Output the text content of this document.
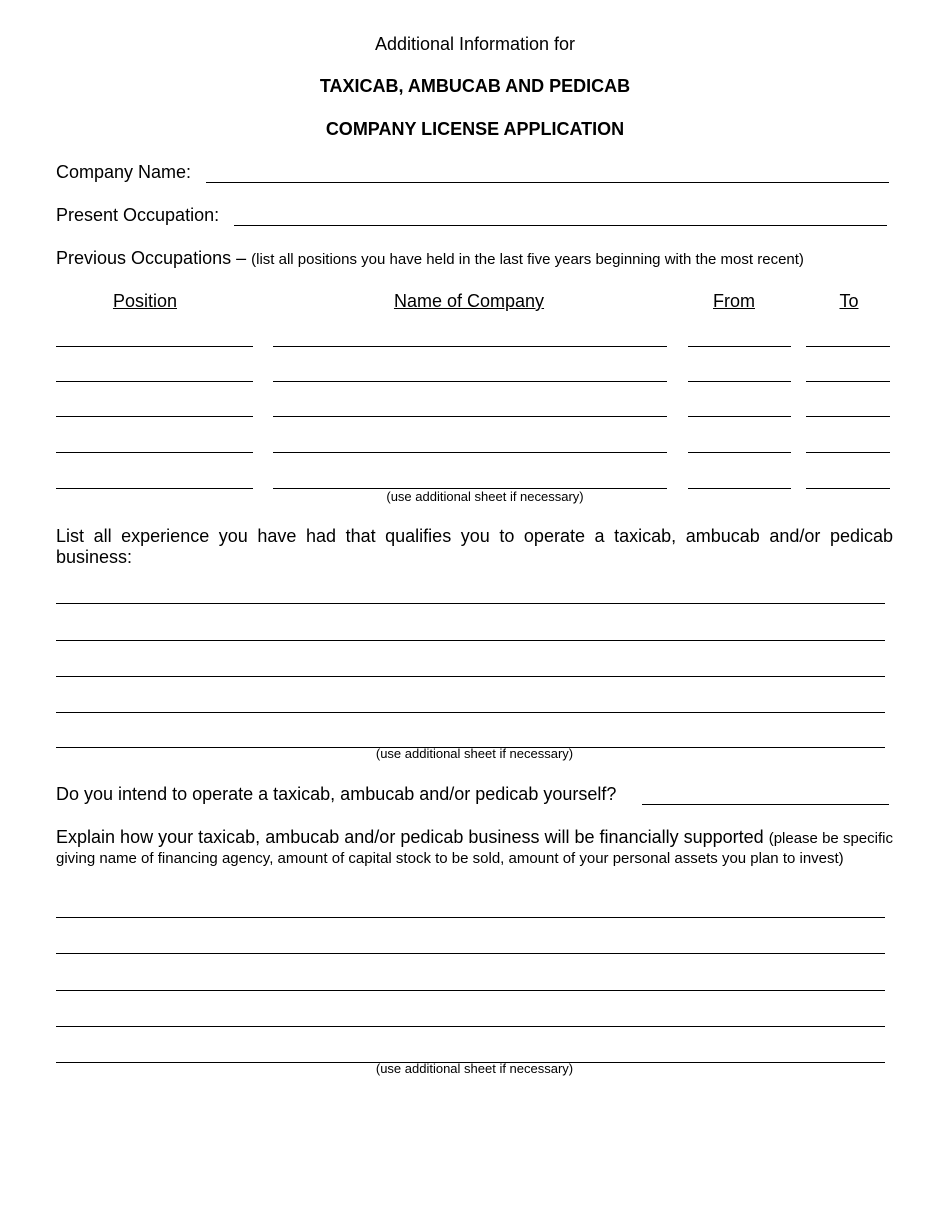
Additional Information for
TAXICAB, AMBUCAB AND PEDICAB
COMPANY LICENSE APPLICATION
Company Name:
Present Occupation:
Previous Occupations – (list all positions you have held in the last five years beginning with the most recent)
Position	Name of Company	From	To
(use additional sheet if necessary)
List all experience you have had that qualifies you to operate a taxicab, ambucab and/or pedicab business:
(use additional sheet if necessary)
Do you intend to operate a taxicab, ambucab and/or pedicab yourself?
Explain how your taxicab, ambucab and/or pedicab business will be financially supported (please be specific giving name of financing agency, amount of capital stock to be sold, amount of your personal assets you plan to invest)
(use additional sheet if necessary)
